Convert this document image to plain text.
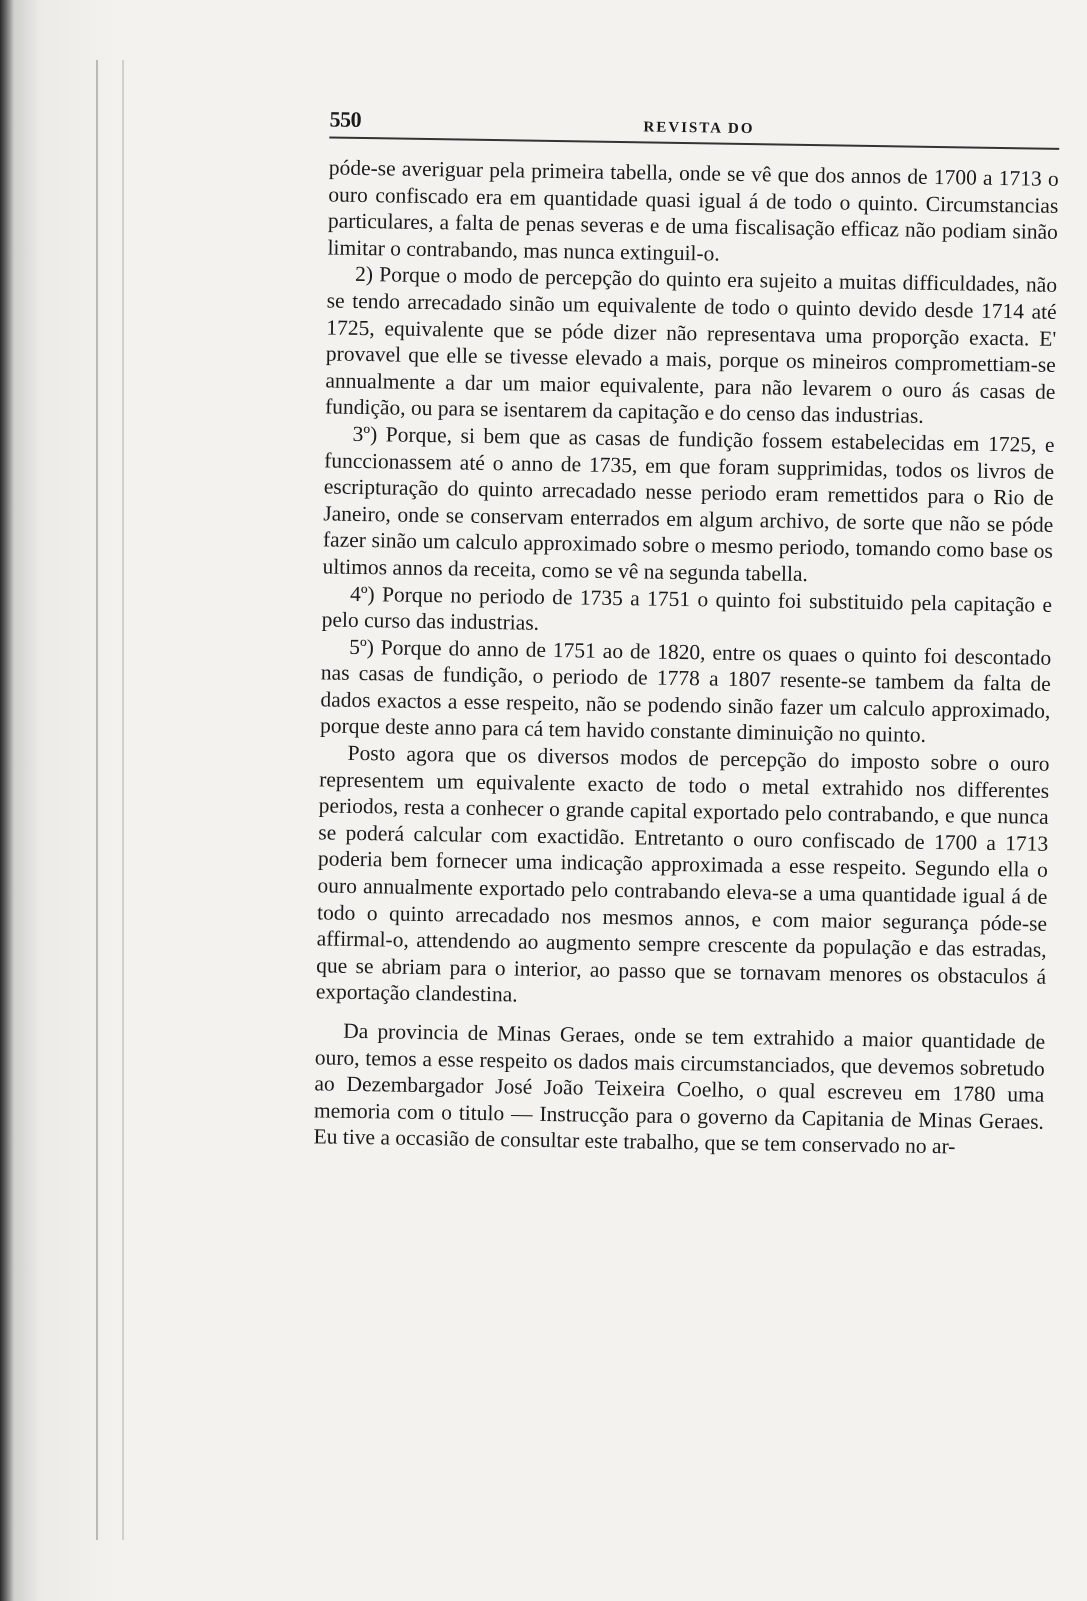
550	REVISTA DO

póde-se averiguar pela primeira tabella, onde se vê que dos annos de 1700 a 1713 o ouro confiscado era em quantidade quasi igual á de todo o quinto. Circumstancias particulares, a falta de penas severas e de uma fiscalisação efficaz não podiam sinão limitar o contrabando, mas nunca extinguil-o.

2) Porque o modo de percepção do quinto era sujeito a muitas difficuldades, não se tendo arrecadado sinão um equivalente de todo o quinto devido desde 1714 até 1725, equivalente que se póde dizer não representava uma proporção exacta. E' provavel que elle se tivesse elevado a mais, porque os mineiros compromettiam-se annualmente a dar um maior equivalente, para não levarem o ouro ás casas de fundição, ou para se isentarem da capitação e do censo das industrias.

3º) Porque, si bem que as casas de fundição fossem estabelecidas em 1725, e funccionassem até o anno de 1735, em que foram supprimidas, todos os livros de escripturação do quinto arrecadado nesse periodo eram remettidos para o Rio de Janeiro, onde se conservam enterrados em algum archivo, de sorte que não se póde fazer sinão um calculo approximado sobre o mesmo periodo, tomando como base os ultimos annos da receita, como se vê na segunda tabella.

4º) Porque no periodo de 1735 a 1751 o quinto foi substituido pela capitação e pelo curso das industrias.

5º) Porque do anno de 1751 ao de 1820, entre os quaes o quinto foi descontado nas casas de fundição, o periodo de 1778 a 1807 resente-se tambem da falta de dados exactos a esse respeito, não se podendo sinão fazer um calculo approximado, porque deste anno para cá tem havido constante diminuição no quinto.

Posto agora que os diversos modos de percepção do imposto sobre o ouro representem um equivalente exacto de todo o metal extrahido nos differentes periodos, resta a conhecer o grande capital exportado pelo contrabando, e que nunca se poderá calcular com exactidão. Entretanto o ouro confiscado de 1700 a 1713 poderia bem fornecer uma indicação approximada a esse respeito. Segundo ella o ouro annualmente exportado pelo contrabando eleva-se a uma quantidade igual á de todo o quinto arrecadado nos mesmos annos, e com maior segurança póde-se affirmal-o, attendendo ao augmento sempre crescente da população e das estradas, que se abriam para o interior, ao passo que se tornavam menores os obstaculos á exportação clandestina.

Da provincia de Minas Geraes, onde se tem extrahido a maior quantidade de ouro, temos a esse respeito os dados mais circumstanciados, que devemos sobretudo ao Dezembargador José João Teixeira Coelho, o qual escreveu em 1780 uma memoria com o titulo — Instrucção para o governo da Capitania de Minas Geraes. Eu tive a occasião de consultar este trabalho, que se tem conservado no ar-
